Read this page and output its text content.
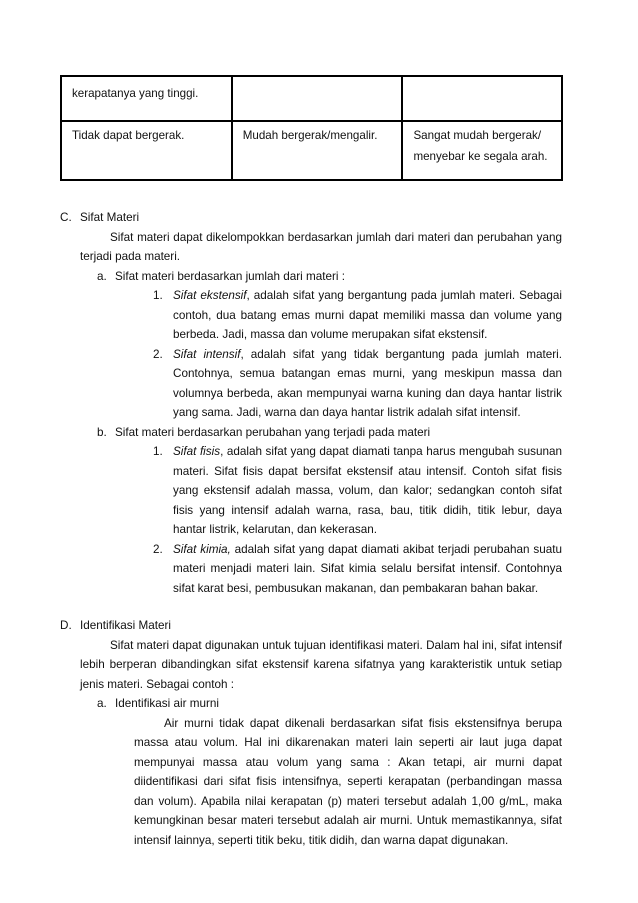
kerapatanya yang tinggi.		
Tidak dapat bergerak.	Mudah bergerak/mengalir.	Sangat mudah bergerak/ menyebar ke segala arah.
C. Sifat Materi
Sifat materi dapat dikelompokkan berdasarkan jumlah dari materi dan perubahan yang terjadi pada materi.
a. Sifat materi berdasarkan jumlah dari materi :
1. Sifat ekstensif, adalah sifat yang bergantung pada jumlah materi. Sebagai contoh, dua batang emas murni dapat memiliki massa dan volume yang berbeda. Jadi, massa dan volume merupakan sifat ekstensif.
2. Sifat intensif, adalah sifat yang tidak bergantung pada jumlah materi. Contohnya, semua batangan emas murni, yang meskipun massa dan volumnya berbeda, akan mempunyai warna kuning dan daya hantar listrik yang sama. Jadi, warna dan daya hantar listrik adalah sifat intensif.
b. Sifat materi berdasarkan perubahan yang terjadi pada materi
1. Sifat fisis, adalah sifat yang dapat diamati tanpa harus mengubah susunan materi. Sifat fisis dapat bersifat ekstensif atau intensif. Contoh sifat fisis yang ekstensif adalah massa, volum, dan kalor; sedangkan contoh sifat fisis yang intensif adalah warna, rasa, bau, titik didih, titik lebur, daya hantar listrik, kelarutan, dan kekerasan.
2. Sifat kimia, adalah sifat yang dapat diamati akibat terjadi perubahan suatu materi menjadi materi lain. Sifat kimia selalu bersifat intensif. Contohnya sifat karat besi, pembusukan makanan, dan pembakaran bahan bakar.
D. Identifikasi Materi
Sifat materi dapat digunakan untuk tujuan identifikasi materi. Dalam hal ini, sifat intensif lebih berperan dibandingkan sifat ekstensif karena sifatnya yang karakteristik untuk setiap jenis materi. Sebagai contoh :
a. Identifikasi air murni
Air murni tidak dapat dikenali berdasarkan sifat fisis ekstensifnya berupa massa atau volum. Hal ini dikarenakan materi lain seperti air laut juga dapat mempunyai massa atau volum yang sama : Akan tetapi, air murni dapat diidentifikasi dari sifat fisis intensifnya, seperti kerapatan (perbandingan massa dan volum). Apabila nilai kerapatan (p) materi tersebut adalah 1,00 g/mL, maka kemungkinan besar materi tersebut adalah air murni. Untuk memastikannya, sifat intensif lainnya, seperti titik beku, titik didih, dan warna dapat digunakan.
